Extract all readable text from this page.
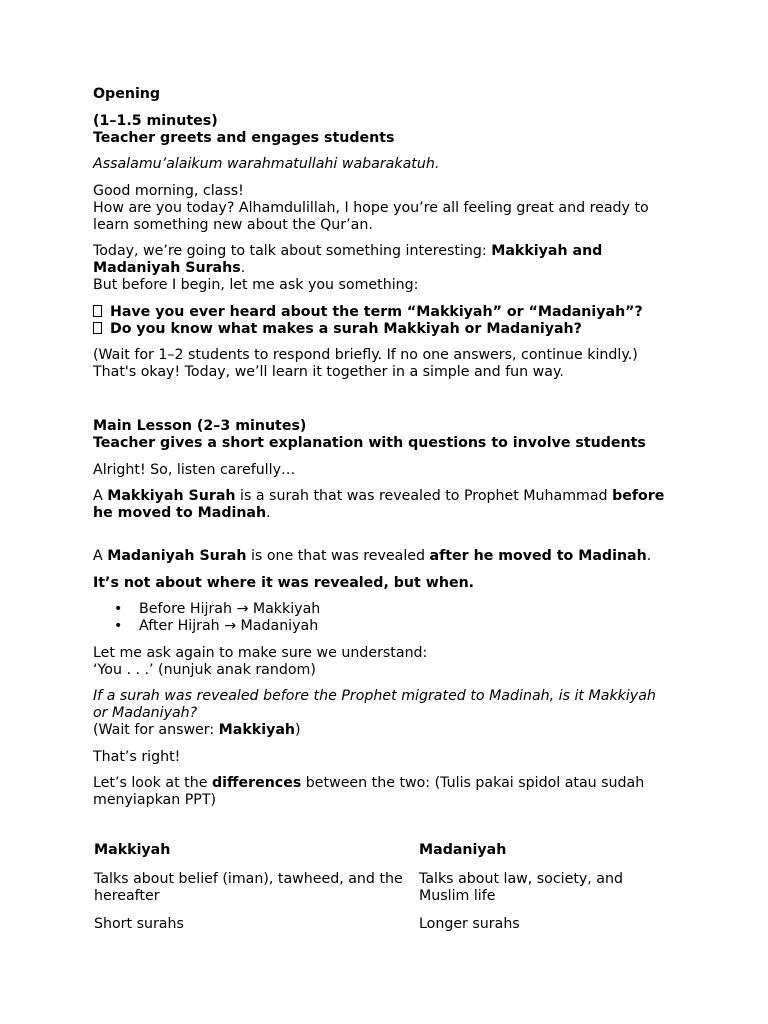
Opening

(1–1.5 minutes)

Teacher greets and engages students

Assalamu’alaikum warahmatullahi wabarakatuh.

Good morning, class!

How are you today? Alhamdulillah, I hope you’re all feeling great and ready to learn something new about the Qur’an.

Today, we’re going to talk about something interesting: Makkiyah and Madaniyah Surahs.

But before I begin, let me ask you something:

Have you ever heard about the term “Makkiyah” or “Madaniyah”?

Do you know what makes a surah Makkiyah or Madaniyah?

(Wait for 1–2 students to respond briefly. If no one answers, continue kindly.)

That's okay! Today, we’ll learn it together in a simple and fun way.

Main Lesson (2–3 minutes)

Teacher gives a short explanation with questions to involve students

Alright! So, listen carefully…

A Makkiyah Surah is a surah that was revealed to Prophet Muhammad before he moved to Madinah.

A Madaniyah Surah is one that was revealed after he moved to Madinah.

It’s not about where it was revealed, but when.

• Before Hijrah → Makkiyah
• After Hijrah → Madaniyah

Let me ask again to make sure we understand:

‘You . . .’ (nunjuk anak random)

If a surah was revealed before the Prophet migrated to Madinah, is it Makkiyah or Madaniyah?

(Wait for answer: Makkiyah)

That’s right!

Let’s look at the differences between the two: (Tulis pakai spidol atau sudah menyiapkan PPT)

Makkiyah	Madaniyah
Talks about belief (iman), tawheed, and the hereafter
Talks about law, society, and Muslim life
Short surahs	Longer surahs
